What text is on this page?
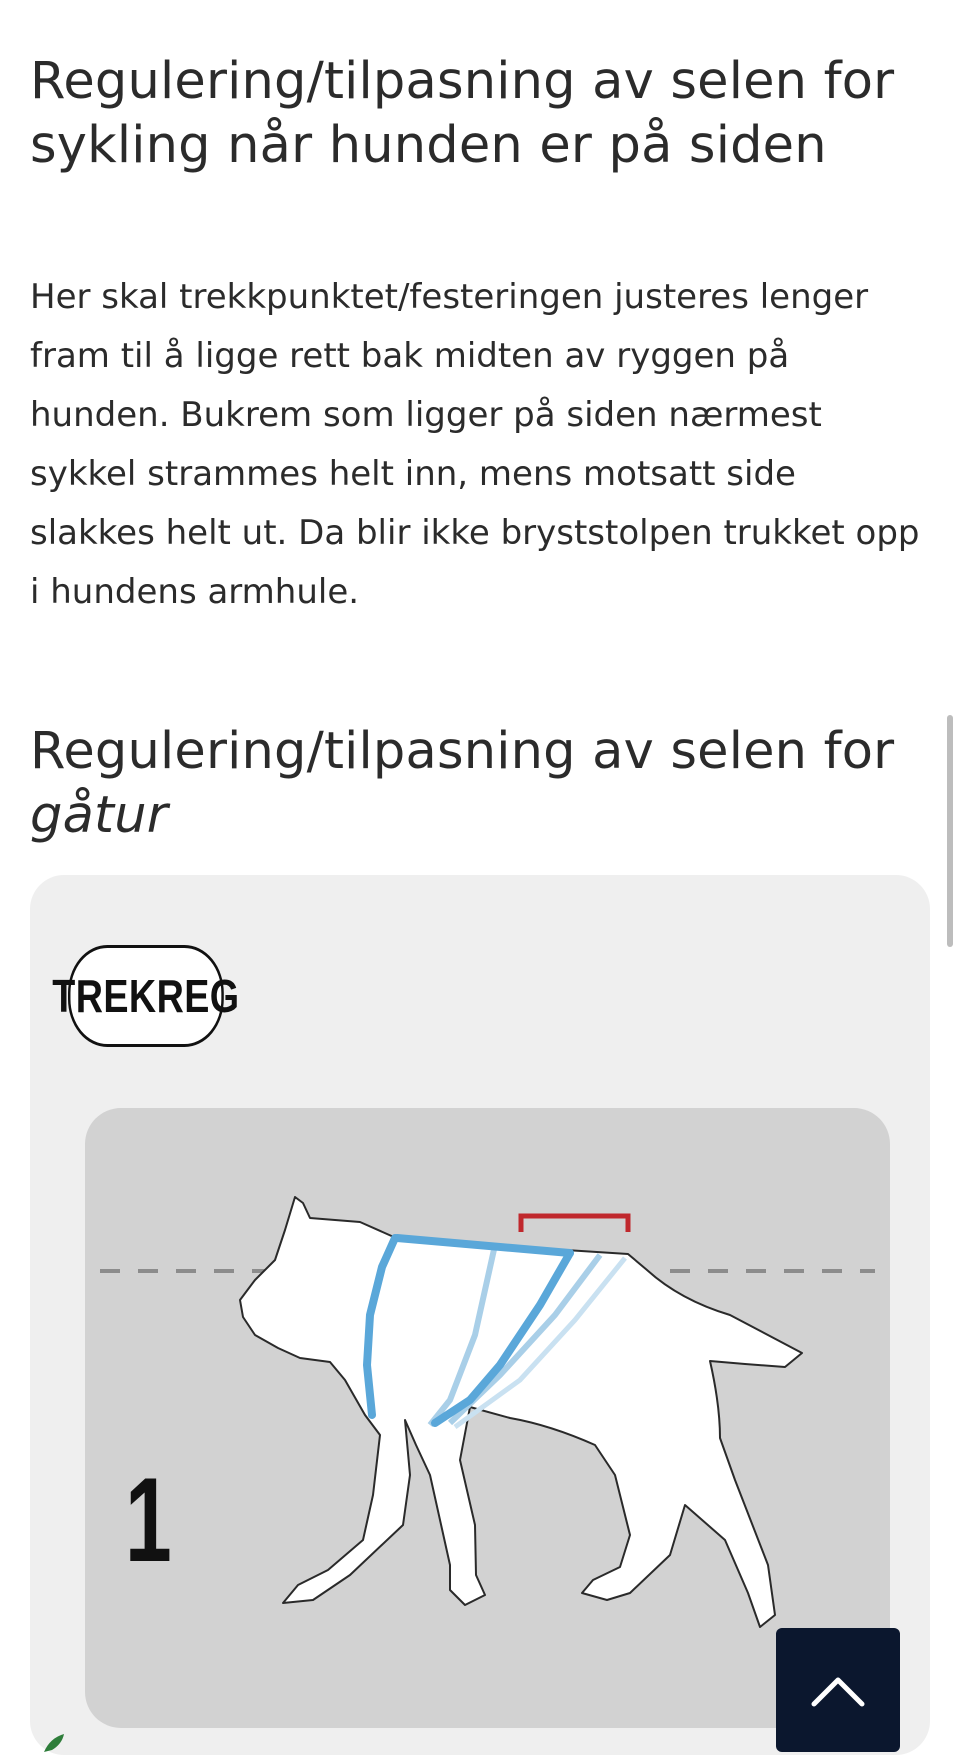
Regulering/tilpasning av selen for sykling når hunden er på siden

Her skal trekkpunktet/festeringen justeres lenger fram til å ligge rett bak midten av ryggen på hunden. Bukrem som ligger på siden nærmest sykkel strammes helt inn, mens motsatt side slakkes helt ut. Da blir ikke bryststolpen trukket opp i hundens armhule.

Regulering/tilpasning av selen for gåtur
TREKREG
1
